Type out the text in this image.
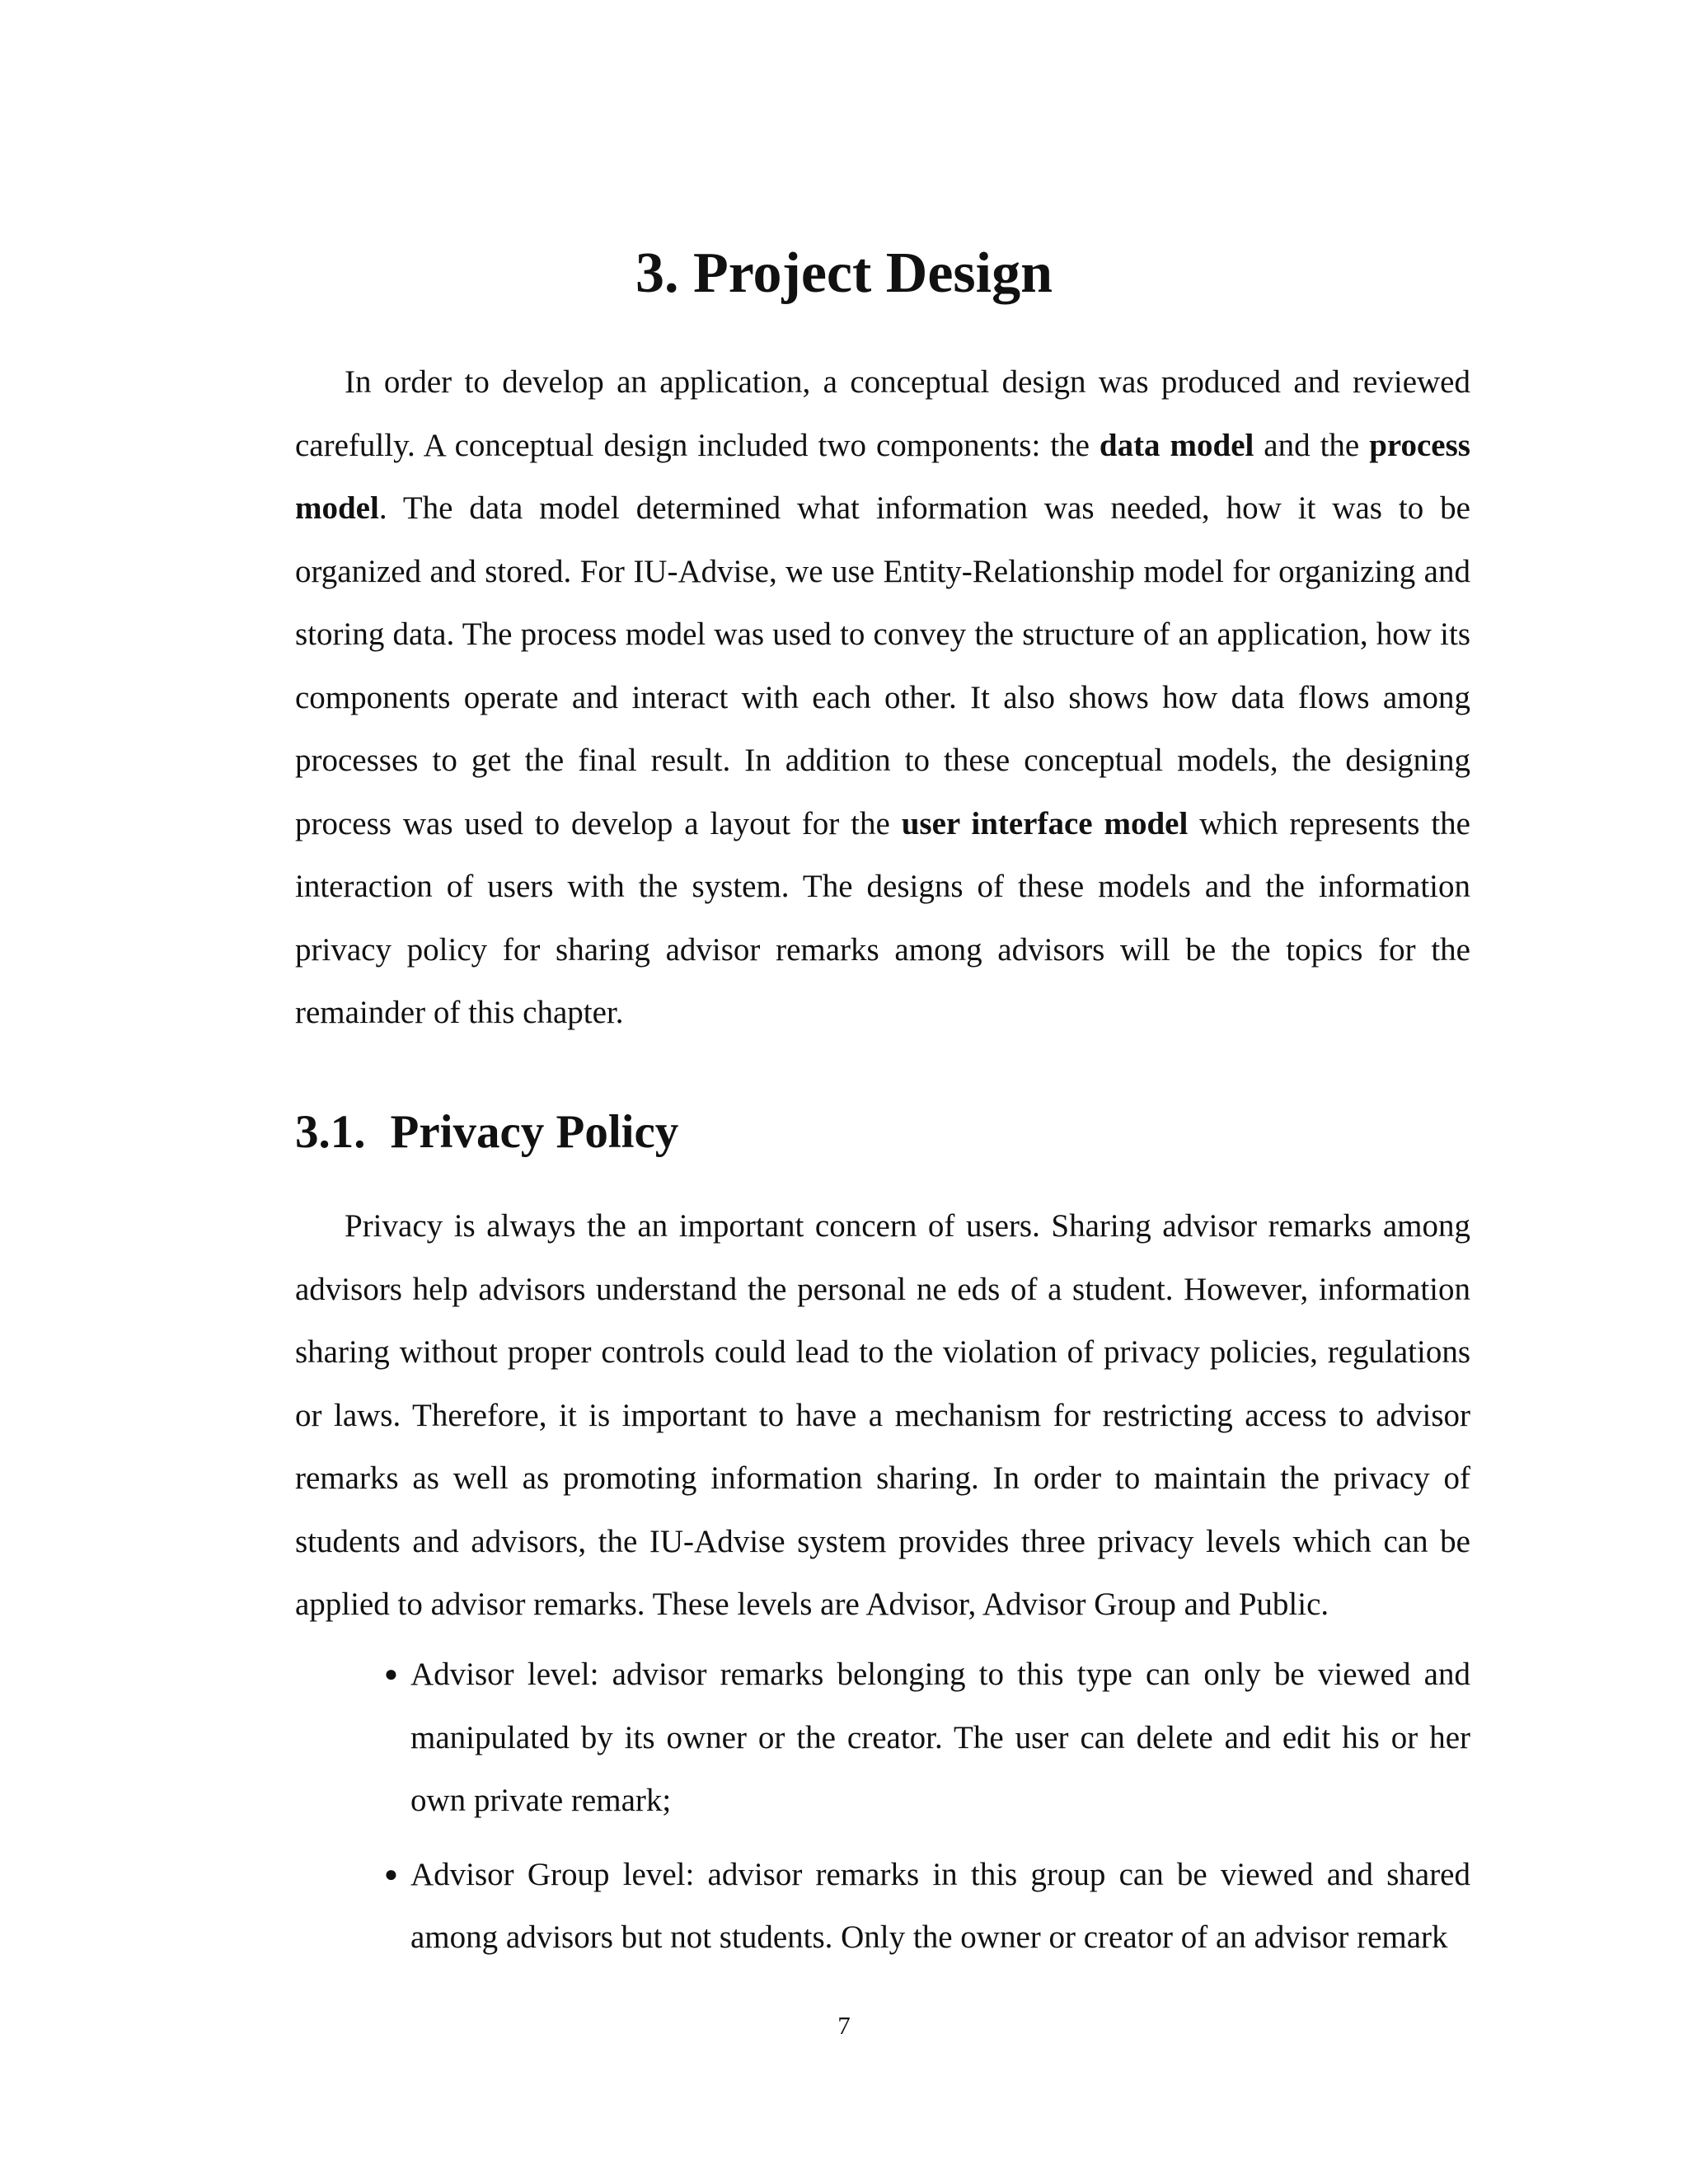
3. Project Design

In order to develop an application, a conceptual design was produced and reviewed carefully. A conceptual design included two components: the data model and the process model. The data model determined what information was needed, how it was to be organized and stored. For IU-Advise, we use Entity-Relationship model for organizing and storing data. The process model was used to convey the structure of an application, how its components operate and interact with each other. It also shows how data flows among processes to get the final result. In addition to these conceptual models, the designing process was used to develop a layout for the user interface model which represents the interaction of users with the system. The designs of these models and the information privacy policy for sharing advisor remarks among advisors will be the topics for the remainder of this chapter.

3.1. Privacy Policy

Privacy is always the an important concern of users. Sharing advisor remarks among advisors help advisors understand the personal ne eds of a student. However, information sharing without proper controls could lead to the violation of privacy policies, regulations or laws. Therefore, it is important to have a mechanism for restricting access to advisor remarks as well as promoting information sharing. In order to maintain the privacy of students and advisors, the IU-Advise system provides three privacy levels which can be applied to advisor remarks. These levels are Advisor, Advisor Group and Public.

● Advisor level: advisor remarks belonging to this type can only be viewed and manipulated by its owner or the creator. The user can delete and edit his or her own private remark;
● Advisor Group level: advisor remarks in this group can be viewed and shared among advisors but not students. Only the owner or creator of an advisor remark

7
